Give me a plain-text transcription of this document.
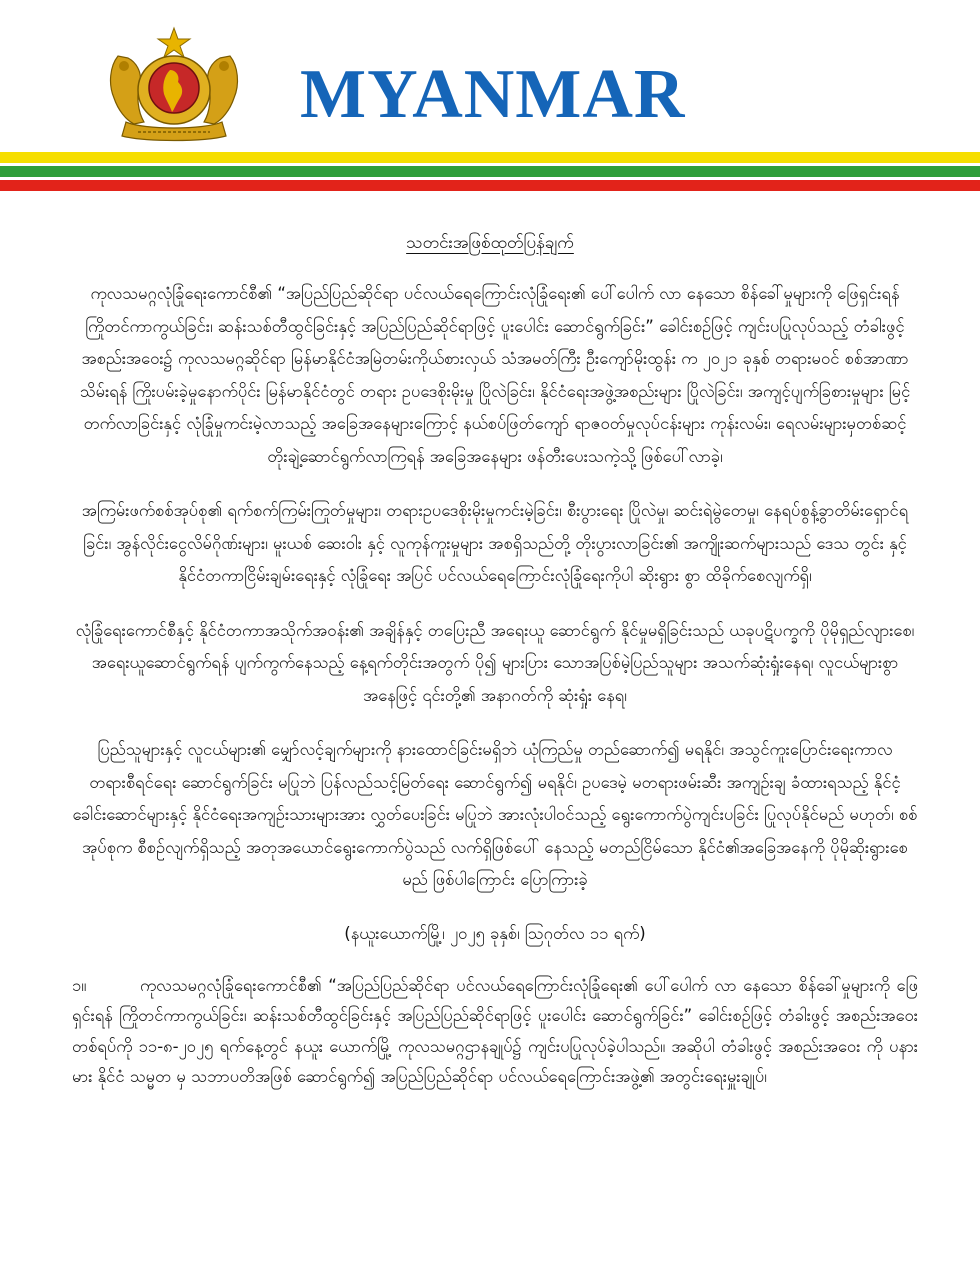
MYANMAR
သတင်းအဖြစ်ထုတ်ပြန်ချက်

ကုလသမဂ္ဂလုံခြုံရေးကောင်စီ၏ “အပြည်ပြည်ဆိုင်ရာ ပင်လယ်ရေကြောင်းလုံခြုံရေး၏ ပေါ်ပေါက် လာ နေသော စိန်ခေါ်မှုများကို ဖြေရှင်းရန် ကြိုတင်ကာကွယ်ခြင်း၊ ဆန်းသစ်တီထွင်ခြင်းနှင့် အပြည်ပြည်ဆိုင်ရာဖြင့် ပူးပေါင်း ဆောင်ရွက်ခြင်း” ခေါင်းစဉ်ဖြင့် ကျင်းပပြုလုပ်သည့် တံခါးဖွင့်အစည်းအဝေး၌ ကုလသမဂ္ဂဆိုင်ရာ မြန်မာနိုင်ငံအမြဲတမ်းကိုယ်စားလှယ် သံအမတ်ကြီး ဦးကျော်မိုးထွန်း က ၂၀၂၁ ခုနှစ် တရားမဝင် စစ်အာဏာ သိမ်းရန် ကြိုးပမ်းခဲ့မှုနောက်ပိုင်း မြန်မာနိုင်ငံတွင် တရား ဥပဒေစိုးမိုးမှု ပြိုလဲခြင်း၊ နိုင်ငံရေးအဖွဲ့အစည်းများ ပြိုလဲခြင်း၊ အကျင့်ပျက်ခြစားမှုများ မြင့်တက်လာခြင်းနှင့် လုံခြုံမှုကင်းမဲ့လာသည့် အခြေအနေများကြောင့် နယ်စပ်ဖြတ်ကျော် ရာဇဝတ်မှုလုပ်ငန်းများ ကုန်းလမ်း၊ ရေလမ်းများမှတစ်ဆင့် တိုးချဲ့ဆောင်ရွက်လာကြရန် အခြေအနေများ ဖန်တီးပေးသကဲ့သို့ ဖြစ်ပေါ်လာခဲ့၊

အကြမ်းဖက်စစ်အုပ်စု၏ ရက်စက်ကြမ်းကြုတ်မှုများ၊ တရားဥပဒေစိုးမိုးမှုကင်းမဲ့ခြင်း၊ စီးပွားရေး ပြိုလဲမှု၊ ဆင်းရဲမွဲတေမှု၊ နေရပ်စွန့်ခွာတိမ်းရှောင်ရခြင်း၊ အွန်လိုင်းငွေလိမ်ဂိုဏ်းများ၊ မူးယစ် ဆေးဝါး နှင့် လူကုန်ကူးမှုများ အစရှိသည်တို့ တိုးပွားလာခြင်း၏ အကျိုးဆက်များသည် ဒေသ တွင်း နှင့် နိုင်ငံတကာငြိမ်းချမ်းရေးနှင့် လုံခြုံရေး အပြင် ပင်လယ်ရေကြောင်းလုံခြုံရေးကိုပါ ဆိုးရွား စွာ ထိခိုက်စေလျက်ရှိ၊

လုံခြုံရေးကောင်စီနှင့် နိုင်ငံတကာအသိုက်အဝန်း၏ အချိန်နှင့် တပြေးညီ အရေးယူ ဆောင်ရွက် နိုင်မှုမရှိခြင်းသည် ယခုပဋိပက္ခကို ပိုမိုရှည်လျားစေ၊ အရေးယူဆောင်ရွက်ရန် ပျက်ကွက်နေသည့် နေ့ရက်တိုင်းအတွက် ပို၍ များပြား သောအပြစ်မဲ့ပြည်သူများ အသက်ဆုံးရှုံးနေရ၊ လူငယ်များစွာအနေဖြင့် ၎င်းတို့၏ အနာဂတ်ကို ဆုံးရှုံး နေရ၊

ပြည်သူများနှင့် လူငယ်များ၏ မျှော်လင့်ချက်များကို နားထောင်ခြင်းမရှိဘဲ ယုံကြည်မှု တည်ဆောက်၍ မရနိုင်၊ အသွင်ကူးပြောင်းရေးကာလ တရားစီရင်ရေး ဆောင်ရွက်ခြင်း မပြုဘဲ ပြန်လည်သင့်မြတ်ရေး ဆောင်ရွက်၍ မရနိုင်၊ ဥပဒေမဲ့ မတရားဖမ်းဆီး အကျဉ်းချ ခံထားရသည့် နိုင်ငံ့ ခေါင်းဆောင်များနှင့် နိုင်ငံရေးအကျဉ်းသားများအား လွှတ်ပေးခြင်း မပြုဘဲ အားလုံးပါဝင်သည့် ရွေးကောက်ပွဲကျင်းပခြင်း ပြုလုပ်နိုင်မည် မဟုတ်၊ စစ်အုပ်စုက စီစဉ်လျက်ရှိသည့် အတုအယောင်ရွေးကောက်ပွဲသည် လက်ရှိဖြစ်ပေါ် နေသည့် မတည်ငြိမ်သော နိုင်ငံ၏အခြေအနေကို ပိုမိုဆိုးရွားစေမည် ဖြစ်ပါကြောင်း ပြောကြားခဲ့

(နယူးယောက်မြို့၊ ၂၀၂၅ ခုနှစ်၊ ဩဂုတ်လ ၁၁ ရက်)
၁။	ကုလသမဂ္ဂလုံခြုံရေးကောင်စီ၏ “အပြည်ပြည်ဆိုင်ရာ ပင်လယ်ရေကြောင်းလုံခြုံရေး၏ ပေါ်ပေါက် လာ နေသော စိန်ခေါ်မှုများကို ဖြေရှင်းရန် ကြိုတင်ကာကွယ်ခြင်း၊ ဆန်းသစ်တီထွင်ခြင်းနှင့် အပြည်ပြည်ဆိုင်ရာဖြင့် ပူးပေါင်း ဆောင်ရွက်ခြင်း” ခေါင်းစဉ်ဖြင့် တံခါးဖွင့် အစည်းအဝေးတစ်ရပ်ကို ၁၁-၈-၂၀၂၅ ရက်နေ့တွင် နယူး ယောက်မြို့ ကုလသမဂ္ဂဌာနချုပ်၌ ကျင်းပပြုလုပ်ခဲ့ပါသည်။ အဆိုပါ တံခါးဖွင့် အစည်းအဝေး ကို ပနားမား နိုင်ငံ သမ္မတ မှ သဘာပတိအဖြစ် ဆောင်ရွက်၍ အပြည်ပြည်ဆိုင်ရာ ပင်လယ်ရေကြောင်းအဖွဲ့၏ အတွင်းရေးမှူးချုပ်၊
